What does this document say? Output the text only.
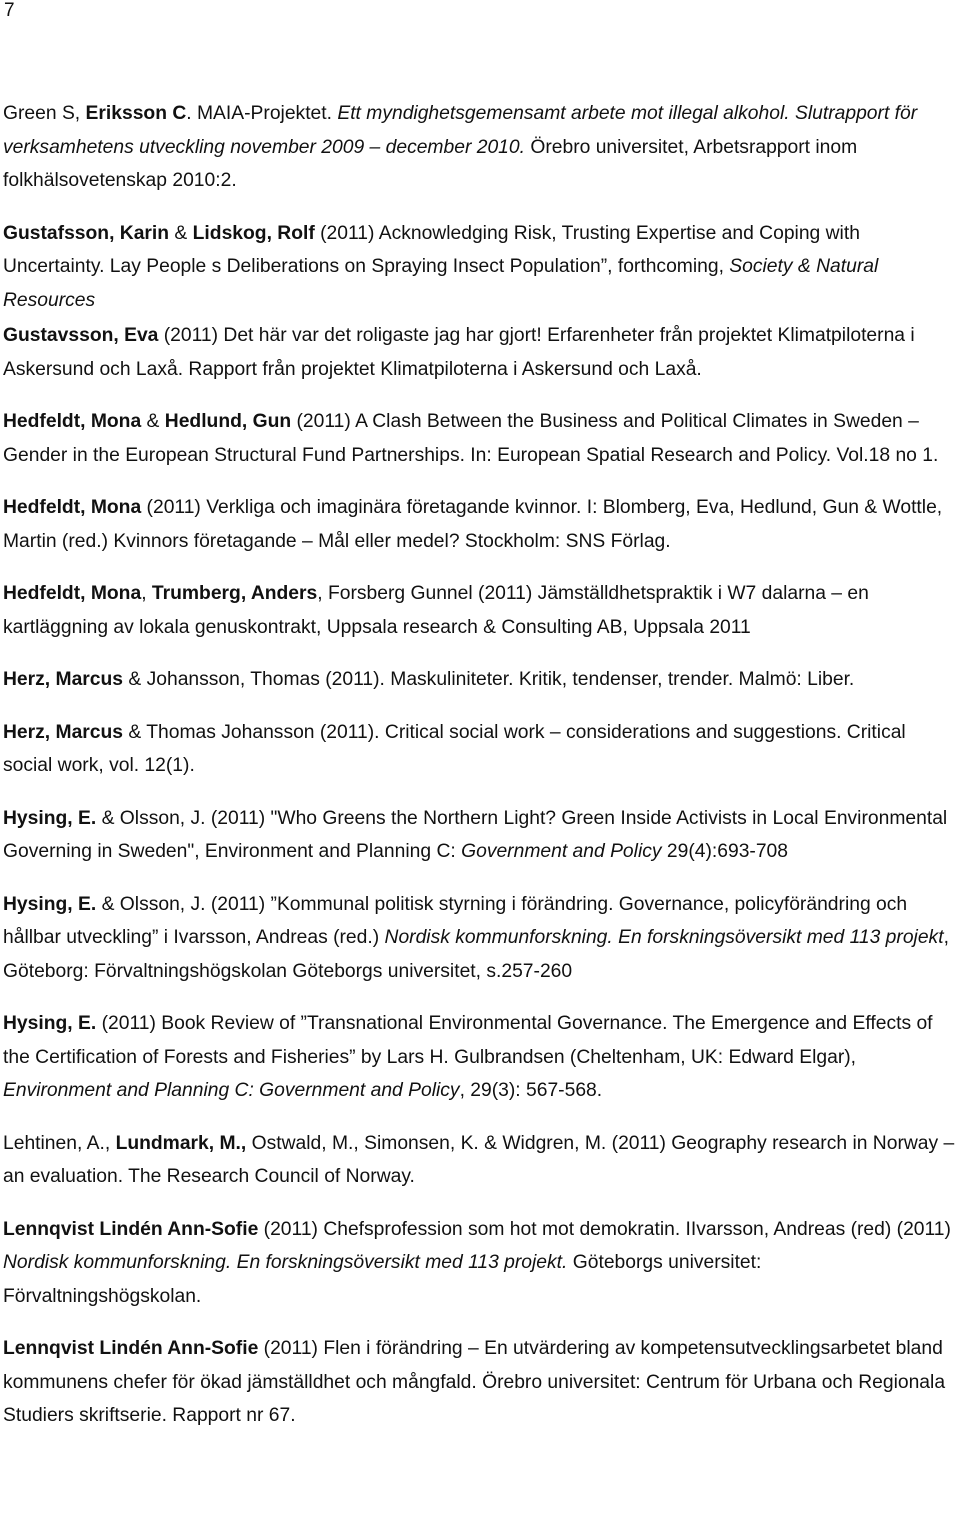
7

Green S, Eriksson C. MAIA-Projektet. Ett myndighetsgemensamt arbete mot illegal alkohol. Slutrapport för verksamhetens utveckling november 2009 – december 2010. Örebro universitet, Arbetsrapport inom folkhälsovetenskap 2010:2.

Gustafsson, Karin & Lidskog, Rolf (2011) Acknowledging Risk, Trusting Expertise and Coping with Uncertainty. Lay People s Deliberations on Spraying Insect Population”, forthcoming, Society & Natural Resources

Gustavsson, Eva (2011) Det här var det roligaste jag har gjort! Erfarenheter från projektet Klimatpiloterna i Askersund och Laxå. Rapport från projektet Klimatpiloterna i Askersund och Laxå.

Hedfeldt, Mona & Hedlund, Gun (2011) A Clash Between the Business and Political Climates in Sweden – Gender in the European Structural Fund Partnerships. In: European Spatial Research and Policy. Vol.18 no 1.

Hedfeldt, Mona (2011) Verkliga och imaginära företagande kvinnor. I: Blomberg, Eva, Hedlund, Gun & Wottle, Martin (red.) Kvinnors företagande – Mål eller medel? Stockholm: SNS Förlag.

Hedfeldt, Mona, Trumberg, Anders, Forsberg Gunnel (2011) Jämställdhetspraktik i W7 dalarna – en kartläggning av lokala genuskontrakt, Uppsala research & Consulting AB, Uppsala 2011

Herz, Marcus & Johansson, Thomas (2011). Maskuliniteter. Kritik, tendenser, trender. Malmö: Liber.

Herz, Marcus & Thomas Johansson (2011). Critical social work – considerations and suggestions. Critical social work, vol. 12(1).

Hysing, E. & Olsson, J. (2011) "Who Greens the Northern Light? Green Inside Activists in Local Environmental Governing in Sweden", Environment and Planning C: Government and Policy 29(4):693-708

Hysing, E. & Olsson, J. (2011) ”Kommunal politisk styrning i förändring. Governance, policyförändring och hållbar utveckling” i Ivarsson, Andreas (red.) Nordisk kommunforskning. En forskningsöversikt med 113 projekt, Göteborg: Förvaltningshögskolan Göteborgs universitet, s.257-260

Hysing, E. (2011) Book Review of ”Transnational Environmental Governance. The Emergence and Effects of the Certification of Forests and Fisheries” by Lars H. Gulbrandsen (Cheltenham, UK: Edward Elgar), Environment and Planning C: Government and Policy, 29(3): 567-568.

Lehtinen, A., Lundmark, M., Ostwald, M., Simonsen, K. & Widgren, M. (2011) Geography research in Norway – an evaluation. The Research Council of Norway.

Lennqvist Lindén Ann-Sofie (2011) Chefsprofession som hot mot demokratin. IIvarsson, Andreas (red) (2011) Nordisk kommunforskning. En forskningsöversikt med 113 projekt. Göteborgs universitet: Förvaltningshögskolan.

Lennqvist Lindén Ann-Sofie (2011) Flen i förändring – En utvärdering av kompetensutvecklingsarbetet bland kommunens chefer för ökad jämställdhet och mångfald. Örebro universitet: Centrum för Urbana och Regionala Studiers skriftserie. Rapport nr 67.
